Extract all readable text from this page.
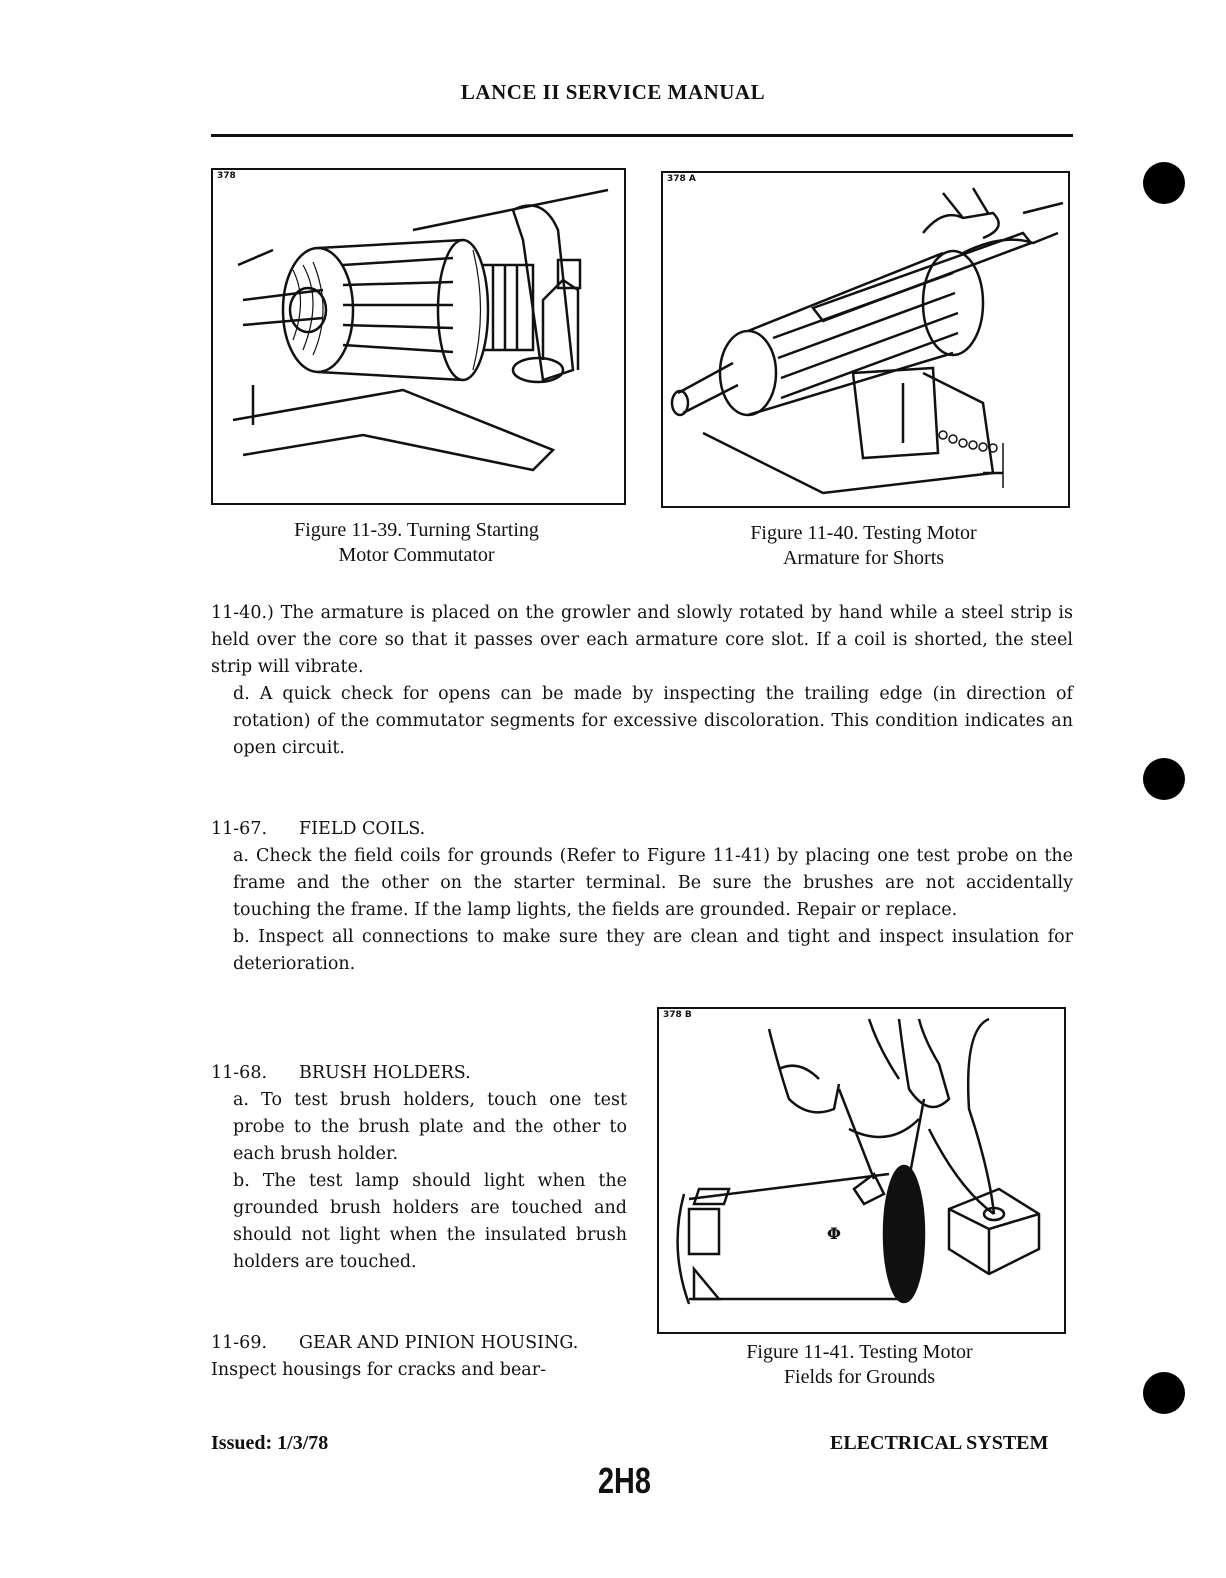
LANCE II SERVICE MANUAL
378
Figure 11-39. Turning Starting
Motor Commutator
378 A
Figure 11-40. Testing Motor
Armature for Shorts

11-40.) The armature is placed on the growler and slowly rotated by hand while a steel strip is held over the core so that it passes over each armature core slot. If a coil is shorted, the steel strip will vibrate.

d. A quick check for opens can be made by inspecting the trailing edge (in direction of rotation) of the commutator segments for excessive discoloration. This condition indicates an open circuit.

11-67. FIELD COILS.

a. Check the field coils for grounds (Refer to Figure 11-41) by placing one test probe on the frame and the other on the starter terminal. Be sure the brushes are not accidentally touching the frame. If the lamp lights, the fields are grounded. Repair or replace.

b. Inspect all connections to make sure they are clean and tight and inspect insulation for deterioration.

11-68. BRUSH HOLDERS.

a. To test brush holders, touch one test probe to the brush plate and the other to each brush holder.

b. The test lamp should light when the grounded brush holders are touched and should not light when the insulated brush holders are touched.

11-69. GEAR AND PINION HOUSING.

Inspect housings for cracks and bear-

378 B
Φ
Figure 11-41. Testing Motor
Fields for Grounds
Issued: 1/3/78	ELECTRICAL SYSTEM
2H8
